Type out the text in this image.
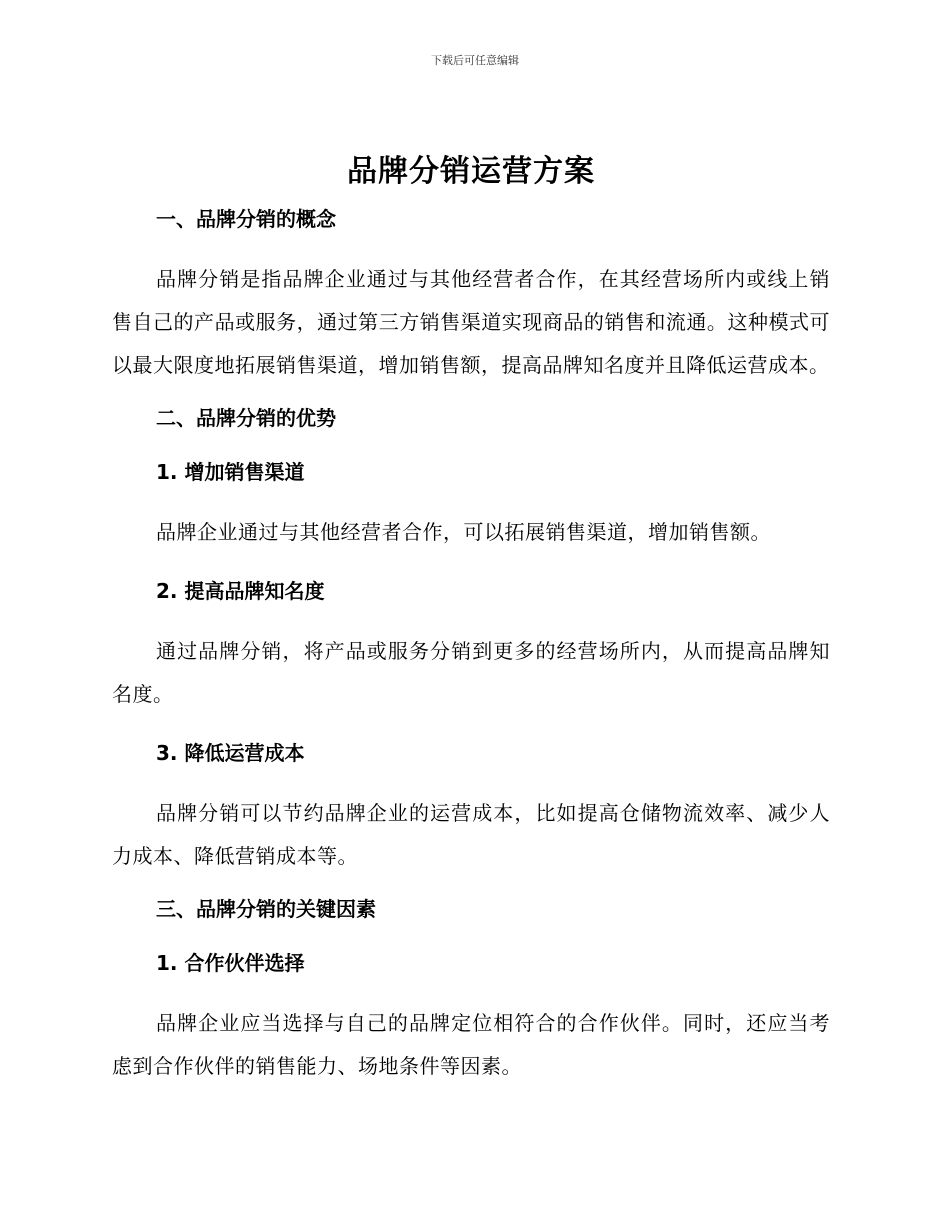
下载后可任意编辑
品牌分销运营方案
一、品牌分销的概念

品牌分销是指品牌企业通过与其他经营者合作，在其经营场所内或线上销售自己的产品或服务，通过第三方销售渠道实现商品的销售和流通。这种模式可以最大限度地拓展销售渠道，增加销售额，提高品牌知名度并且降低运营成本。

二、品牌分销的优势
1. 增加销售渠道

品牌企业通过与其他经营者合作，可以拓展销售渠道，增加销售额。

2. 提高品牌知名度

通过品牌分销，将产品或服务分销到更多的经营场所内，从而提高品牌知名度。

3. 降低运营成本

品牌分销可以节约品牌企业的运营成本，比如提高仓储物流效率、减少人力成本、降低营销成本等。

三、品牌分销的关键因素
1. 合作伙伴选择

品牌企业应当选择与自己的品牌定位相符合的合作伙伴。同时，还应当考虑到合作伙伴的销售能力、场地条件等因素。
